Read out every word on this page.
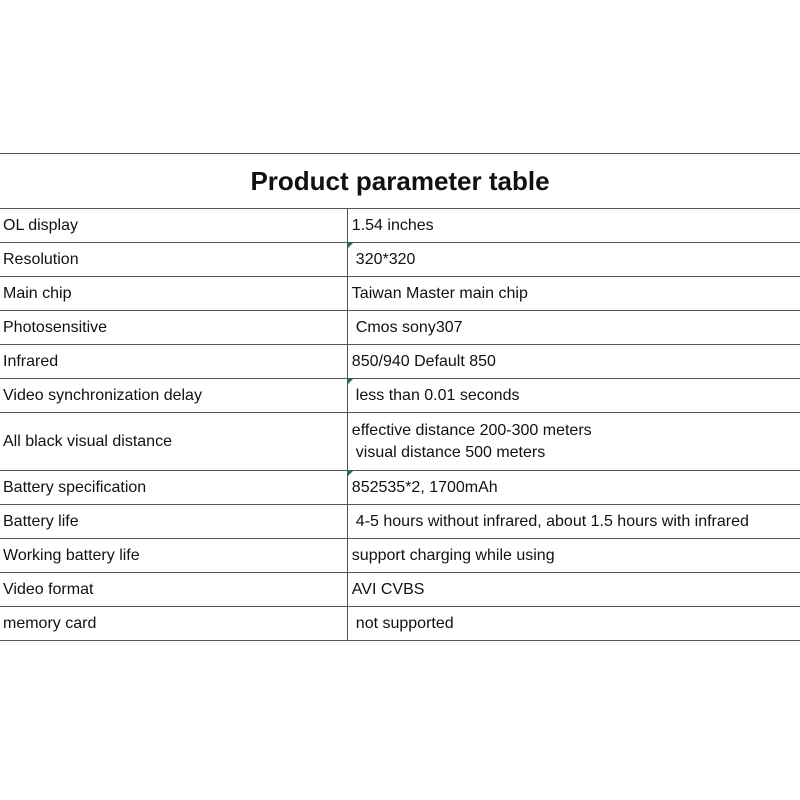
Product parameter table	
OL display	1.54 inches
Resolution	320*320
Main chip	Taiwan Master main chip
Photosensitive	Cmos sony307
Infrared	850/940 Default 850
Video synchronization delay	less than 0.01 seconds
All black visual distance	effective distance 200-300 meters
visual distance 500 meters

Battery specification	852535*2, 1700mAh
Battery life	4-5 hours without infrared, about 1.5 hours with infrared
Working battery life	support charging while using
Video format	AVI CVBS
memory card	not supported
